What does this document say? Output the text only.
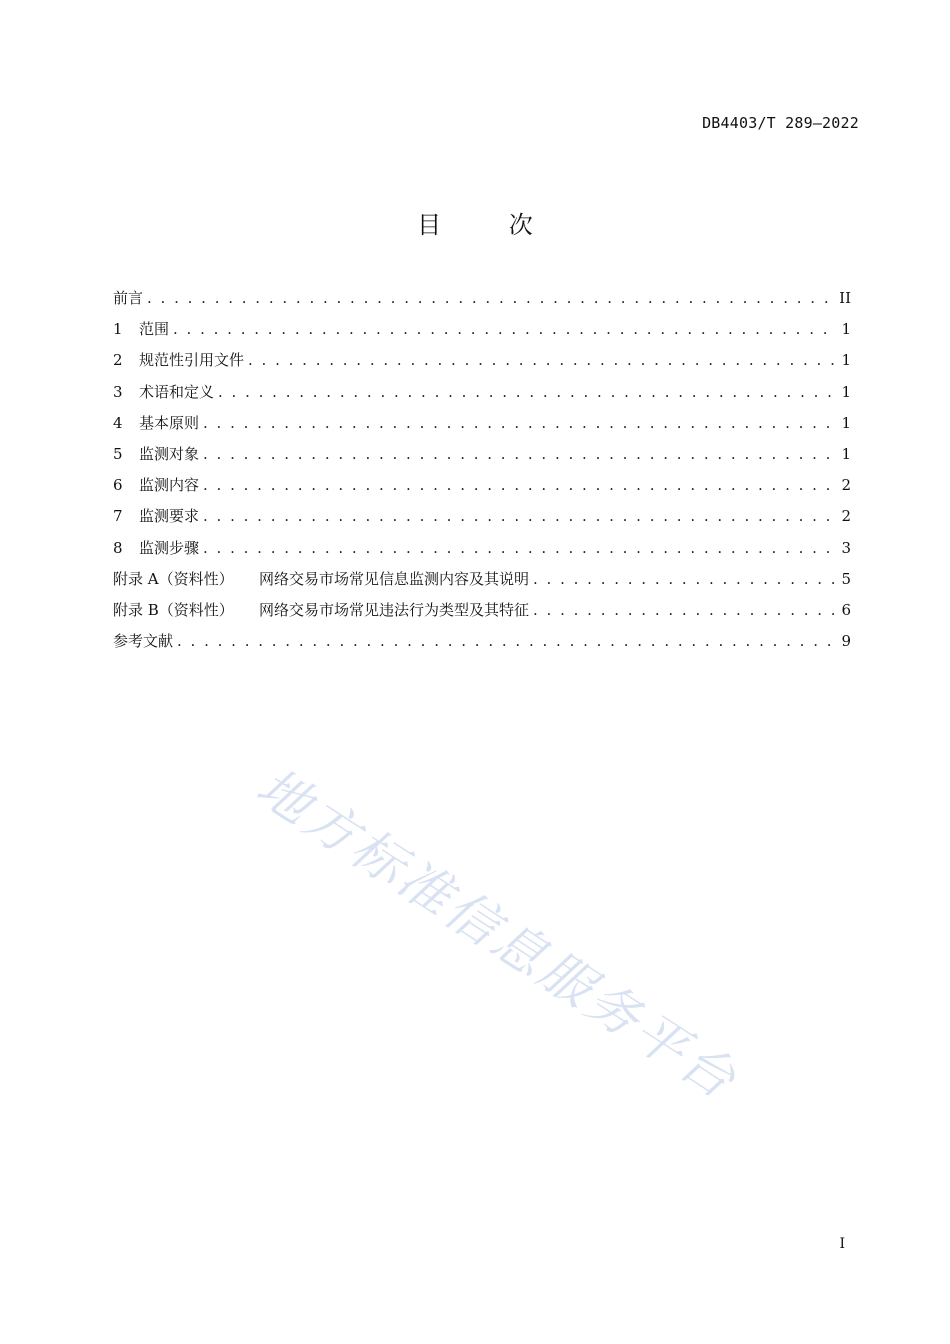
DB4403/T 289—2022
目 次
前言 . . .	II
1	范围 . . .	1
2	规范性引用文件 . . .	1
3	术语和定义 . . .	1
4	基本原则 . . .	1
5	监测对象 . . .	1
6	监测内容 . . .	2
7	监测要求 . . .	2
8	监测步骤 . . .	3
附录 A（资料性）	网络交易市场常见信息监测内容及其说明 . . .	5
附录 B（资料性）	网络交易市场常见违法行为类型及其特征 . . .	6
参考文献 . . .	9
地方标准信息服务平台
I
